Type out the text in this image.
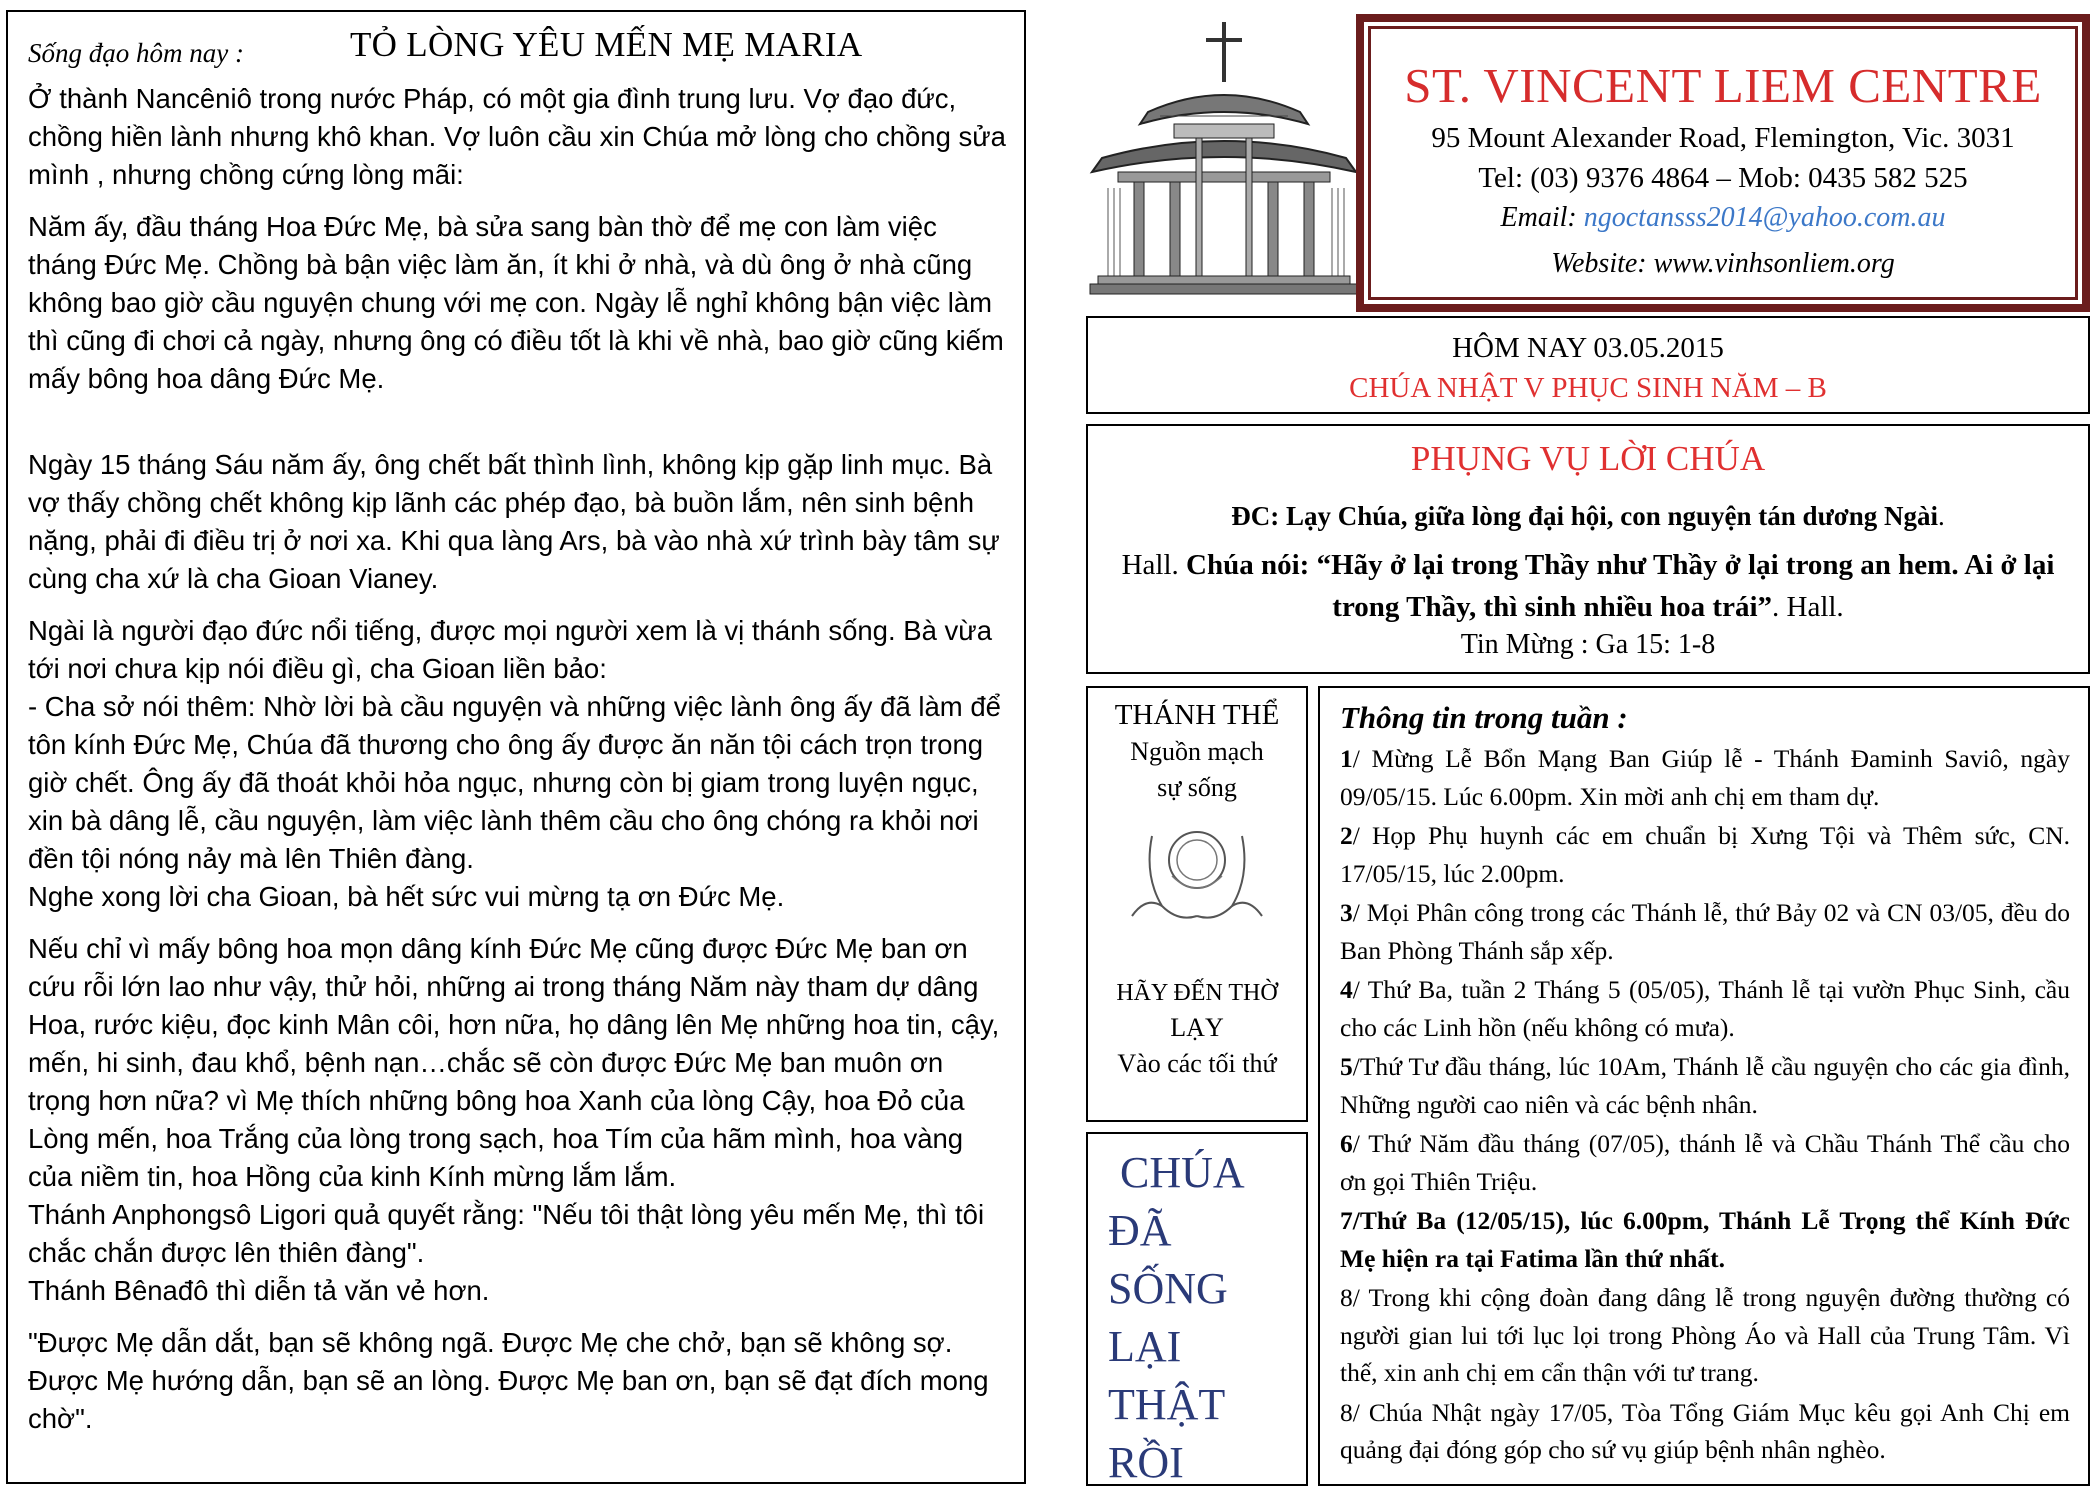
Sống đạo hôm nay :	TỎ LÒNG YÊU MẾN MẸ MARIA

Ở thành Nancêniô trong nước Pháp, có một gia đình trung lưu. Vợ đạo đức, chồng hiền lành nhưng khô khan. Vợ luôn cầu xin Chúa mở lòng cho chồng sửa mình , nhưng chồng cứng lòng mãi:

Năm ấy, đầu tháng Hoa Đức Mẹ, bà sửa sang bàn thờ để mẹ con làm việc tháng Đức Mẹ. Chồng bà bận việc làm ăn, ít khi ở nhà, và dù ông ở nhà cũng không bao giờ cầu nguyện chung với mẹ con. Ngày lễ nghỉ không bận việc làm thì cũng đi chơi cả ngày, nhưng ông có điều tốt là khi về nhà, bao giờ cũng kiếm mấy bông hoa dâng Đức Mẹ.

Ngày 15 tháng Sáu năm ấy, ông chết bất thình lình, không kịp gặp linh mục. Bà vợ thấy chồng chết không kịp lãnh các phép đạo, bà buồn lắm, nên sinh bệnh nặng, phải đi điều trị ở nơi xa. Khi qua làng Ars, bà vào nhà xứ trình bày tâm sự cùng cha xứ là cha Gioan Vianey.

Ngài là người đạo đức nổi tiếng, được mọi người xem là vị thánh sống. Bà vừa tới nơi chưa kịp nói điều gì, cha Gioan liền bảo:

- Cha sở nói thêm: Nhờ lời bà cầu nguyện và những việc lành ông ấy đã làm để tôn kính Đức Mẹ, Chúa đã thương cho ông ấy được ăn năn tội cách trọn trong giờ chết. Ông ấy đã thoát khỏi hỏa ngục, nhưng còn bị giam trong luyện ngục, xin bà dâng lễ, cầu nguyện, làm việc lành thêm cầu cho ông chóng ra khỏi nơi đền tội nóng nảy mà lên Thiên đàng.

Nghe xong lời cha Gioan, bà hết sức vui mừng tạ ơn Đức Mẹ.

Nếu chỉ vì mấy bông hoa mọn dâng kính Đức Mẹ cũng được Đức Mẹ ban ơn cứu rỗi lớn lao như vậy, thử hỏi, những ai trong tháng Năm này tham dự dâng Hoa, rước kiệu, đọc kinh Mân côi, hơn nữa, họ dâng lên Mẹ những hoa tin, cậy, mến, hi sinh, đau khổ, bệnh nạn…chắc sẽ còn được Đức Mẹ ban muôn ơn trọng hơn nữa? vì Mẹ thích những bông hoa Xanh của lòng Cậy, hoa Đỏ của Lòng mến, hoa Trắng của lòng trong sạch, hoa Tím của hãm mình, hoa vàng của niềm tin, hoa Hồng của kinh Kính mừng lắm lắm.

Thánh Anphongsô Ligori quả quyết rằng: "Nếu tôi thật lòng yêu mến Mẹ, thì tôi chắc chắn được lên thiên đàng".

Thánh Bênađô thì diễn tả văn vẻ hơn.

"Được Mẹ dẫn dắt, bạn sẽ không ngã. Được Mẹ che chở, bạn sẽ không sợ. Được Mẹ hướng dẫn, bạn sẽ an lòng. Được Mẹ ban ơn, bạn sẽ đạt đích mong chờ".

ST. VINCENT LIEM CENTRE
95 Mount Alexander Road, Flemington, Vic. 3031
Tel: (03) 9376 4864 – Mob: 0435 582 525
Email: ngoctansss2014@yahoo.com.au
Website: www.vinhsonliem.org
HÔM NAY 03.05.2015
CHÚA NHẬT V PHỤC SINH NĂM – B
PHỤNG VỤ LỜI CHÚA
ĐC: Lạy Chúa, giữa lòng đại hội, con nguyện tán dương Ngài.
Hall. Chúa nói: “Hãy ở lại trong Thầy như Thầy ở lại trong an hem. Ai ở lại trong Thầy, thì sinh nhiều hoa trái”. Hall.
Tin Mừng : Ga 15: 1-8
THÁNH THỂ
Nguồn mạch
sự sống
HÃY ĐẾN THỜ
LẠY
Vào các tối thứ
CHÚA
ĐÃ
SỐNG
LẠI
THẬT
RỒI
Thông tin trong tuần :
1/ Mừng Lễ Bổn Mạng Ban Giúp lễ - Thánh Đaminh Saviô, ngày 09/05/15. Lúc 6.00pm. Xin mời anh chị em tham dự.
2/ Họp Phụ huynh các em chuẩn bị Xưng Tội và Thêm sức, CN. 17/05/15, lúc 2.00pm.
3/ Mọi Phân công trong các Thánh lễ, thứ Bảy 02 và CN 03/05, đều do Ban Phòng Thánh sắp xếp.
4/ Thứ Ba, tuần 2 Tháng 5 (05/05), Thánh lễ tại vườn Phục Sinh, cầu cho các Linh hồn (nếu không có mưa).
5/Thứ Tư đầu tháng, lúc 10Am, Thánh lễ cầu nguyện cho các gia đình, Những người cao niên và các bệnh nhân.
6/ Thứ Năm đầu tháng (07/05), thánh lễ và Chầu Thánh Thể cầu cho ơn gọi Thiên Triệu.
7/Thứ Ba (12/05/15), lúc 6.00pm, Thánh Lễ Trọng thể Kính Đức Mẹ hiện ra tại Fatima lần thứ nhất.
8/ Trong khi cộng đoàn đang dâng lễ trong nguyện đường thường có người gian lui tới lục lọi trong Phòng Áo và Hall của Trung Tâm. Vì thế, xin anh chị em cẩn thận với tư trang.
8/ Chúa Nhật ngày 17/05, Tòa Tổng Giám Mục kêu gọi Anh Chị em quảng đại đóng góp cho sứ vụ giúp bệnh nhân nghèo.
